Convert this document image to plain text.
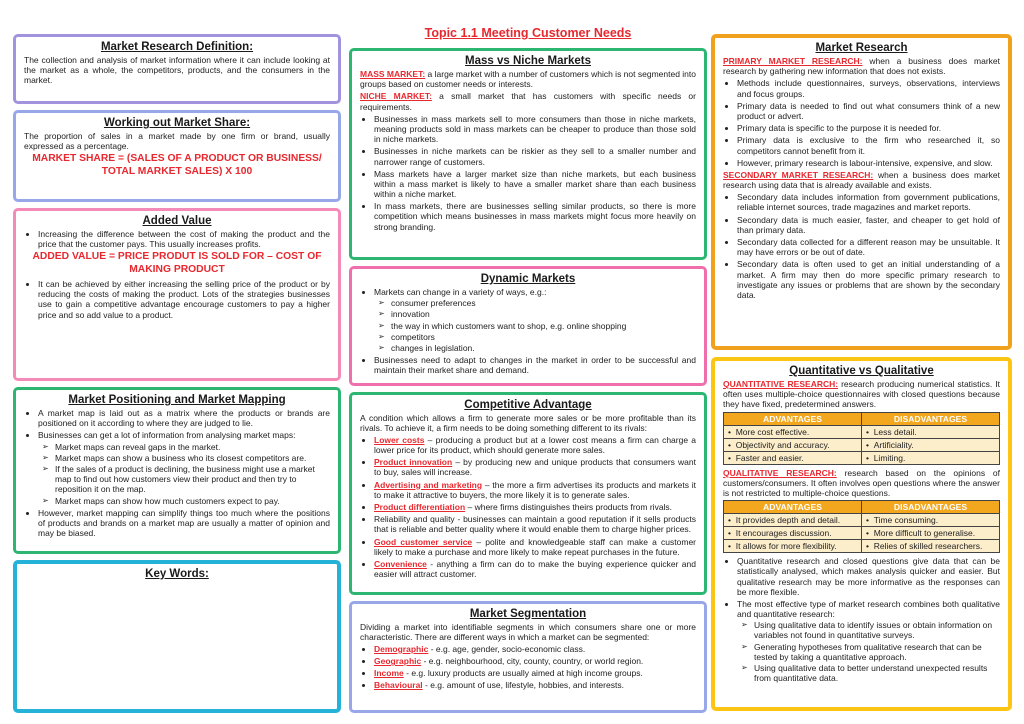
Market Research Definition:

The collection and analysis of market information where it can include looking at the market as a whole, the competitors, products, and the consumers in the market.

Working out Market Share:

The proportion of sales in a market made by one firm or brand, usually expressed as a percentage.

MARKET SHARE = (SALES OF A PRODUCT OR BUSINESS/ TOTAL MARKET SALES) X 100
Added Value
• Increasing the difference between the cost of making the product and the price that the customer pays. This usually increases profits.
ADDED VALUE = PRICE PRODUT IS SOLD FOR – COST OF MAKING PRODUCT
• It can be achieved by either increasing the selling price of the product or by reducing the costs of making the product. Lots of the strategies businesses use to gain a competitive advantage encourage customers to pay a higher price and so add value to a product.
Market Positioning and Market Mapping
• A market map is laid out as a matrix where the products or brands are positioned on it according to where they are judged to lie.
• Businesses can get a lot of information from analysing market maps:
➢ Market maps can reveal gaps in the market.
➢ Market maps can show a business who its closest competitors are.
➢ If the sales of a product is declining, the business might use a market map to find out how customers view their product and then try to reposition it on the map.
➢ Market maps can show how much customers expect to pay.
• However, market mapping can simplify things too much where the positions of products and brands on a market map are usually a matter of opinion and may be biased.
Key Words:
Topic 1.1 Meeting Customer Needs
Mass vs Niche Markets

MASS MARKET: a large market with a number of customers which is not segmented into groups based on customer needs or interests.

NICHE MARKET: a small market that has customers with specific needs or requirements.

• Businesses in mass markets sell to more consumers than those in niche markets, meaning products sold in mass markets can be cheaper to produce than those sold in niche markets.
• Businesses in niche markets can be riskier as they sell to a smaller number and narrower range of customers.
• Mass markets have a larger market size than niche markets, but each business within a mass market is likely to have a smaller market share than each business within a niche market.
• In mass markets, there are businesses selling similar products, so there is more competition which means businesses in mass markets might focus more heavily on strong branding.
Dynamic Markets
• Markets can change in a variety of ways, e.g.:
➢ consumer preferences
➢ innovation
➢ the way in which customers want to shop, e.g. online shopping
➢ competitors
➢ changes in legislation.
• Businesses need to adapt to changes in the market in order to be successful and maintain their market share and demand.
Competitive Advantage

A condition which allows a firm to generate more sales or be more profitable than its rivals. To achieve it, a firm needs to be doing something different to its rivals:

• Lower costs – producing a product but at a lower cost means a firm can charge a lower price for its product, which should generate more sales.
• Product innovation – by producing new and unique products that consumers want to buy, sales will increase.
• Advertising and marketing – the more a firm advertises its products and markets it to make it attractive to buyers, the more likely it is to generate sales.
• Product differentiation – where firms distinguishes theirs products from rivals.
• Reliability and quality - businesses can maintain a good reputation if it sells products that is reliable and better quality where it would enable them to charge higher prices.
• Good customer service – polite and knowledgeable staff can make a customer likely to make a purchase and more likely to make repeat purchases in the future.
• Convenience - anything a firm can do to make the buying experience quicker and easier will attract customer.
Market Segmentation

Dividing a market into identifiable segments in which consumers share one or more characteristic. There are different ways in which a market can be segmented:

• Demographic - e.g. age, gender, socio-economic class.
• Geographic - e.g. neighbourhood, city, county, country, or world region.
• Income - e.g. luxury products are usually aimed at high income groups.
• Behavioural - e.g. amount of use, lifestyle, hobbies, and interests.
Market Research

PRIMARY MARKET RESEARCH: when a business does market research by gathering new information that does not exists.

• Methods include questionnaires, surveys, observations, interviews and focus groups.
• Primary data is needed to find out what consumers think of a new product or advert.
• Primary data is specific to the purpose it is needed for.
• Primary data is exclusive to the firm who researched it, so competitors cannot benefit from it.
• However, primary research is labour-intensive, expensive, and slow.

SECONDARY MARKET RESEARCH: when a business does market research using data that is already available and exists.

• Secondary data includes information from government publications, reliable internet sources, trade magazines and market reports.
• Secondary data is much easier, faster, and cheaper to get hold of than primary data.
• Secondary data collected for a different reason may be unsuitable. It may have errors or be out of date.
• Secondary data is often used to get an initial understanding of a market. A firm may then do more specific primary research to investigate any issues or problems that are shown by the secondary data.
Quantitative vs Qualitative

QUANTITATIVE RESEARCH: research producing numerical statistics. It often uses multiple-choice questionnaires with closed questions because they have fixed, predetermined answers.

ADVANTAGES	DISADVANTAGES
•  More cost effective.	•  Less detail.
•  Objectivity and accuracy.	•  Artificiality.
•  Faster and easier.	•  Limiting.

QUALITATIVE RESEARCH: research based on the opinions of customers/consumers. It often involves open questions where the answer is not restricted to multiple-choice questions.

ADVANTAGES	DISADVANTAGES
•  It provides depth and detail.	•  Time consuming.
•  It encourages discussion.	•  More difficult to generalise.
•  It allows for more flexibility.	•  Relies of skilled researchers.
• Quantitative research and closed questions give data that can be statistically analysed, which makes analysis quicker and easier. But qualitative research may be more informative as the responses can be more flexible.
• The most effective type of market research combines both qualitative and quantitative research:
➢ Using qualitative data to identify issues or obtain information on variables not found in quantitative surveys.
➢ Generating hypotheses from qualitative research that can be tested by taking a quantitative approach.
➢ Using qualitative data to better understand unexpected results from quantitative data.
